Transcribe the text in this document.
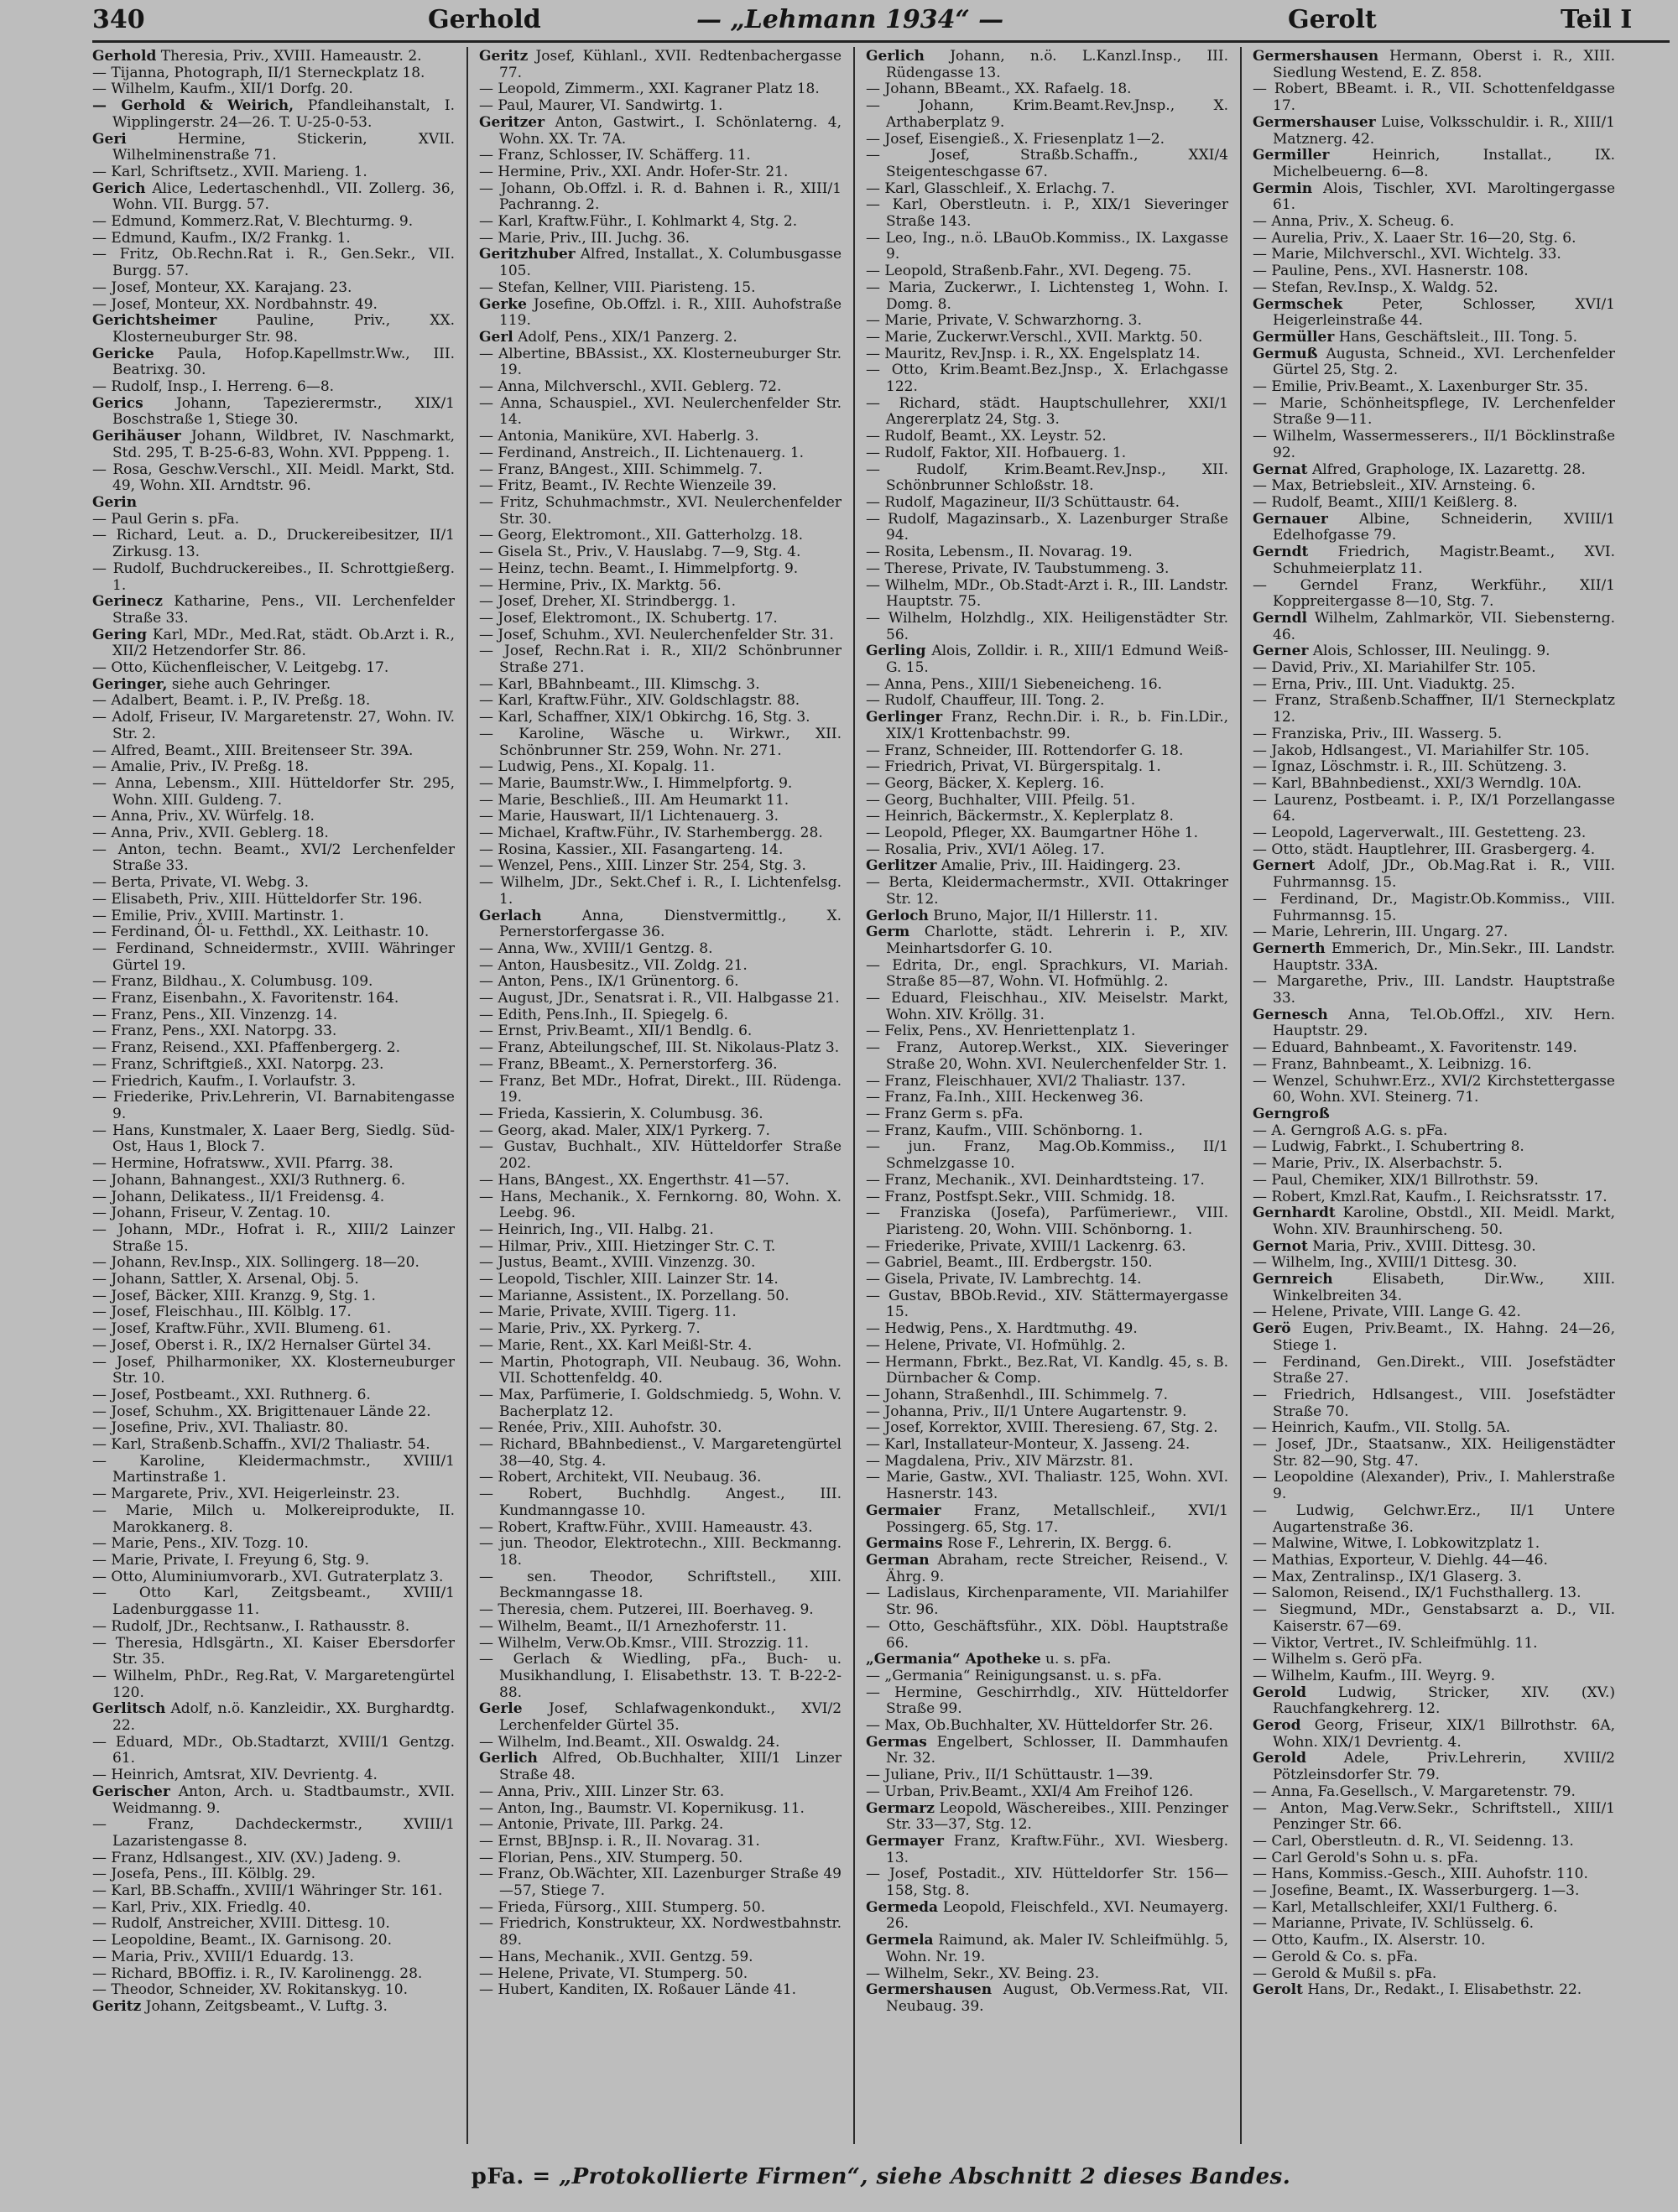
340	Gerhold	— „Lehmann 1934“ —	Gerolt	Teil I
Gerhold Theresia, Priv., XVIII. Hameaustr. 2.
— Tijanna, Photograph, II/1 Sterneckplatz 18.
— Wilhelm, Kaufm., XII/1 Dorfg. 20.
— Gerhold & Weirich, Pfandleihanstalt, I. Wipplingerstr. 24—26. T. U-25-0-53.
Geri	Hermine, Stickerin, XVII. Wilhelminenstraße 71.
— Karl, Schriftsetz., XVII. Marieng. 1.
Gerich Alice, Ledertaschenhdl., VII. Zollerg. 36, Wohn. VII. Burgg. 57.
— Edmund, Kommerz.Rat, V. Blechturmg. 9.
— Edmund, Kaufm., IX/2 Frankg. 1.
— Fritz, Ob.Rechn.Rat i. R., Gen.Sekr., VII. Burgg. 57.
— Josef, Monteur, XX. Karajang. 23.
— Josef, Monteur, XX. Nordbahnstr. 49.
Gerichtsheimer	Pauline, Priv., XX. Klosterneuburger Str. 98.
Gericke Paula, Hofop.Kapellmstr.Ww., III. Beatrixg. 30.
— Rudolf, Insp., I. Herreng. 6—8.
Gerics Johann, Tapezierermstr., XIX/1 Boschstraße 1, Stiege 30.
Gerihäuser Johann, Wildbret, IV. Naschmarkt, Std. 295, T. B-25-6-83, Wohn. XVI. Ppppeng. 1.
— Rosa, Geschw.Verschl., XII. Meidl. Markt, Std. 49, Wohn. XII. Arndtstr. 96.
Gerin
— Paul Gerin s. pFa.
— Richard, Leut. a. D., Druckereibesitzer, II/1 Zirkusg. 13.
— Rudolf, Buchdruckereibes., II. Schrottgießerg. 1.
Gerinecz Katharine, Pens., VII. Lerchenfelder Straße 33.
Gering Karl, MDr., Med.Rat, städt. Ob.Arzt i. R., XII/2 Hetzendorfer Str. 86.
— Otto, Küchenfleischer, V. Leitgebg. 17.
Geringer, siehe auch Gehringer.
— Adalbert, Beamt. i. P., IV. Preßg. 18.
— Adolf, Friseur, IV. Margaretenstr. 27, Wohn. IV. Str. 2.
— Alfred, Beamt., XIII. Breitenseer Str. 39A.
— Amalie, Priv., IV. Preßg. 18.
— Anna, Lebensm., XIII. Hütteldorfer Str. 295, Wohn. XIII. Guldeng. 7.
— Anna, Priv., XV. Würfelg. 18.
— Anna, Priv., XVII. Geblerg. 18.
— Anton, techn. Beamt., XVI/2 Lerchenfelder Straße 33.
— Berta, Private, VI. Webg. 3.
— Elisabeth, Priv., XIII. Hütteldorfer Str. 196.
— Emilie, Priv., XVIII. Martinstr. 1.
— Ferdinand, Öl- u. Fetthdl., XX. Leithastr. 10.
— Ferdinand, Schneidermstr., XVIII. Währinger Gürtel 19.
— Franz, Bildhau., X. Columbusg. 109.
— Franz, Eisenbahn., X. Favoritenstr. 164.
— Franz, Pens., XII. Vinzenzg. 14.
— Franz, Pens., XXI. Natorpg. 33.
— Franz, Reisend., XXI. Pfaffenbergerg. 2.
— Franz, Schriftgieß., XXI. Natorpg. 23.
— Friedrich, Kaufm., I. Vorlaufstr. 3.
— Friederike, Priv.Lehrerin, VI. Barnabitengasse 9.
— Hans, Kunstmaler, X. Laaer Berg, Siedlg. Süd-Ost, Haus 1, Block 7.
— Hermine, Hofratsww., XVII. Pfarrg. 38.
— Johann, Bahnangest., XXI/3 Ruthnerg. 6.
— Johann, Delikatess., II/1 Freidensg. 4.
— Johann, Friseur, V. Zentag. 10.
— Johann, MDr., Hofrat i. R., XIII/2 Lainzer Straße 15.
— Johann, Rev.Insp., XIX. Sollingerg. 18—20.
— Johann, Sattler, X. Arsenal, Obj. 5.
— Josef, Bäcker, XIII. Kranzg. 9, Stg. 1.
— Josef, Fleischhau., III. Kölblg. 17.
— Josef, Kraftw.Führ., XVII. Blumeng. 61.
— Josef, Oberst i. R., IX/2 Hernalser Gürtel 34.
— Josef, Philharmoniker, XX. Klosterneuburger Str. 10.
— Josef, Postbeamt., XXI. Ruthnerg. 6.
— Josef, Schuhm., XX. Brigittenauer Lände 22.
— Josefine, Priv., XVI. Thaliastr. 80.
— Karl, Straßenb.Schaffn., XVI/2 Thaliastr. 54.
— Karoline, Kleidermachmstr., XVIII/1 Martinstraße 1.
— Margarete, Priv., XVI. Heigerleinstr. 23.
— Marie, Milch u. Molkereiprodukte, II. Marokkanerg. 8.
— Marie, Pens., XIV. Tozg. 10.
— Marie, Private, I. Freyung 6, Stg. 9.
— Otto, Aluminiumvorarb., XVI. Gutraterplatz 3.
— Otto Karl, Zeitgsbeamt., XVIII/1 Ladenburggasse 11.
— Rudolf, JDr., Rechtsanw., I. Rathausstr. 8.
— Theresia, Hdlsgärtn., XI. Kaiser Ebersdorfer Str. 35.
— Wilhelm, PhDr., Reg.Rat, V. Margaretengürtel 120.
Gerlitsch Adolf, n.ö. Kanzleidir., XX. Burghardtg. 22.
— Eduard, MDr., Ob.Stadtarzt, XVIII/1 Gentzg. 61.
— Heinrich, Amtsrat, XIV. Devrientg. 4.
Gerischer Anton, Arch. u. Stadtbaumstr., XVII. Weidmanng. 9.
— Franz, Dachdeckermstr., XVIII/1 Lazaristengasse 8.
— Franz, Hdlsangest., XIV. (XV.) Jadeng. 9.
— Josefa, Pens., III. Kölblg. 29.
— Karl, BB.Schaffn., XVIII/1 Währinger Str. 161.
— Karl, Priv., XIX. Friedlg. 40.
— Rudolf, Anstreicher, XVIII. Dittesg. 10.
— Leopoldine, Beamt., IX. Garnisong. 20.
— Maria, Priv., XVIII/1 Eduardg. 13.
— Richard, BBOffiz. i. R., IV. Karolinengg. 28.
— Theodor, Schneider, XV. Rokitanskyg. 10.
Geritz Johann, Zeitgsbeamt., V. Luftg. 3.
Geritz Josef, Kühlanl., XVII. Redtenbachergasse 77.
— Leopold, Zimmerm., XXI. Kagraner Platz 18.
— Paul, Maurer, VI. Sandwirtg. 1.
Geritzer Anton, Gastwirt., I. Schönlaterng. 4, Wohn. XX. Tr. 7A.
— Franz, Schlosser, IV. Schäfferg. 11.
— Hermine, Priv., XXI. Andr. Hofer-Str. 21.
— Johann, Ob.Offzl. i. R. d. Bahnen i. R., XIII/1 Pachranng. 2.
— Karl, Kraftw.Führ., I. Kohlmarkt 4, Stg. 2.
— Marie, Priv., III. Juchg. 36.
Geritzhuber Alfred, Installat., X. Columbusgasse 105.
— Stefan, Kellner, VIII. Piaristeng. 15.
Gerke Josefine, Ob.Offzl. i. R., XIII. Auhofstraße 119.
Gerl Adolf, Pens., XIX/1 Panzerg. 2.
— Albertine, BBAssist., XX. Klosterneuburger Str. 19.
— Anna, Milchverschl., XVII. Geblerg. 72.
— Anna, Schauspiel., XVI. Neulerchenfelder Str. 14.
— Antonia, Maniküre, XVI. Haberlg. 3.
— Ferdinand, Anstreich., II. Lichtenauerg. 1.
— Franz, BAngest., XIII. Schimmelg. 7.
— Fritz, Beamt., IV. Rechte Wienzeile 39.
— Fritz, Schuhmachmstr., XVI. Neulerchenfelder Str. 30.
— Georg, Elektromont., XII. Gatterholzg. 18.
— Gisela St., Priv., V. Hauslabg. 7—9, Stg. 4.
— Heinz, techn. Beamt., I. Himmelpfortg. 9.
— Hermine, Priv., IX. Marktg. 56.
— Josef, Dreher, XI. Strindbergg. 1.
— Josef, Elektromont., IX. Schubertg. 17.
— Josef, Schuhm., XVI. Neulerchenfelder Str. 31.
— Josef, Rechn.Rat i. R., XII/2 Schönbrunner Straße 271.
— Karl, BBahnbeamt., III. Klimschg. 3.
— Karl, Kraftw.Führ., XIV. Goldschlagstr. 88.
— Karl, Schaffner, XIX/1 Obkirchg. 16, Stg. 3.
— Karoline, Wäsche u. Wirkwr., XII. Schönbrunner Str. 259, Wohn. Nr. 271.
— Ludwig, Pens., XI. Kopalg. 11.
— Marie, Baumstr.Ww., I. Himmelpfortg. 9.
— Marie, Beschließ., III. Am Heumarkt 11.
— Marie, Hauswart, II/1 Lichtenauerg. 3.
— Michael, Kraftw.Führ., IV. Starhembergg. 28.
— Rosina, Kassier., XII. Fasangarteng. 14.
— Wenzel, Pens., XIII. Linzer Str. 254, Stg. 3.
— Wilhelm, JDr., Sekt.Chef i. R., I. Lichtenfelsg. 1.
Gerlach	Anna, Dienstvermittlg., X. Pernerstorfergasse 36.
— Anna, Ww., XVIII/1 Gentzg. 8.
— Anton, Hausbesitz., VII. Zoldg. 21.
— Anton, Pens., IX/1 Grünentorg. 6.
— August, JDr., Senatsrat i. R., VII. Halbgasse 21.
— Edith, Pens.Inh., II. Spiegelg. 6.
— Ernst, Priv.Beamt., XII/1 Bendlg. 6.
— Franz, Abteilungschef, III. St. Nikolaus-Platz 3.
— Franz, BBeamt., X. Pernerstorferg. 36.
— Franz, Bet MDr., Hofrat, Direkt., III. Rüdenga. 19.
— Frieda, Kassierin, X. Columbusg. 36.
— Georg, akad. Maler, XIX/1 Pyrkerg. 7.
— Gustav, Buchhalt., XIV. Hütteldorfer Straße 202.
— Hans, BAngest., XX. Engerthstr. 41—57.
— Hans, Mechanik., X. Fernkorng. 80, Wohn. X. Leebg. 96.
— Heinrich, Ing., VII. Halbg. 21.
— Hilmar, Priv., XIII. Hietzinger Str. C. T.
— Justus, Beamt., XVIII. Vinzenzg. 30.
— Leopold, Tischler, XIII. Lainzer Str. 14.
— Marianne, Assistent., IX. Porzellang. 50.
— Marie, Private, XVIII. Tigerg. 11.
— Marie, Priv., XX. Pyrkerg. 7.
— Marie, Rent., XX. Karl Meißl-Str. 4.
— Martin, Photograph, VII. Neubaug. 36, Wohn. VII. Schottenfeldg. 40.
— Max, Parfümerie, I. Goldschmiedg. 5, Wohn. V. Bacherplatz 12.
— Renée, Priv., XIII. Auhofstr. 30.
— Richard, BBahnbedienst., V. Margaretengürtel 38—40, Stg. 4.
— Robert, Architekt, VII. Neubaug. 36.
— Robert, Buchhdlg. Angest., III. Kundmanngasse 10.
— Robert, Kraftw.Führ., XVIII. Hameaustr. 43.
— jun. Theodor, Elektrotechn., XIII. Beckmanng. 18.
— sen. Theodor, Schriftstell., XIII. Beckmanngasse 18.
— Theresia, chem. Putzerei, III. Boerhaveg. 9.
— Wilhelm, Beamt., II/1 Arnezhoferstr. 11.
— Wilhelm, Verw.Ob.Kmsr., VIII. Strozzig. 11.
— Gerlach & Wiedling, pFa., Buch- u. Musikhandlung, I. Elisabethstr. 13. T. B-22-2-88.
Gerle Josef, Schlafwagenkondukt., XVI/2 Lerchenfelder Gürtel 35.
— Wilhelm, Ind.Beamt., XII. Oswaldg. 24.
Gerlich Alfred, Ob.Buchhalter, XIII/1 Linzer Straße 48.
— Anna, Priv., XIII. Linzer Str. 63.
— Anton, Ing., Baumstr. VI. Kopernikusg. 11.
— Antonie, Private, III. Parkg. 24.
— Ernst, BBJnsp. i. R., II. Novarag. 31.
— Florian, Pens., XIV. Stumperg. 50.
— Franz, Ob.Wächter, XII. Lazenburger Straße 49—57, Stiege 7.
— Frieda, Fürsorg., XIII. Stumperg. 50.
— Friedrich, Konstrukteur, XX. Nordwestbahnstr. 89.
— Hans, Mechanik., XVII. Gentzg. 59.
— Helene, Private, VI. Stumperg. 50.
— Hubert, Kanditen, IX. Roßauer Lände 41.
Gerlich Johann, n.ö. L.Kanzl.Insp., III. Rüdengasse 13.
— Johann, BBeamt., XX. Rafaelg. 18.
— Johann, Krim.Beamt.Rev.Jnsp., X. Arthaberplatz 9.
— Josef, Eisengieß., X. Friesenplatz 1—2.
— Josef, Straßb.Schaffn., XXI/4 Steigenteschgasse 67.
— Karl, Glasschleif., X. Erlachg. 7.
— Karl, Oberstleutn. i. P., XIX/1 Sieveringer Straße 143.
— Leo, Ing., n.ö. LBauOb.Kommiss., IX. Laxgasse 9.
— Leopold, Straßenb.Fahr., XVI. Degeng. 75.
— Maria, Zuckerwr., I. Lichtensteg 1, Wohn. I. Domg. 8.
— Marie, Private, V. Schwarzhorng. 3.
— Marie, Zuckerwr.Verschl., XVII. Marktg. 50.
— Mauritz, Rev.Jnsp. i. R., XX. Engelsplatz 14.
— Otto, Krim.Beamt.Bez.Jnsp., X. Erlachgasse 122.
— Richard, städt. Hauptschullehrer, XXI/1 Angererplatz 24, Stg. 3.
— Rudolf, Beamt., XX. Leystr. 52.
— Rudolf, Faktor, XII. Hofbauerg. 1.
— Rudolf, Krim.Beamt.Rev.Jnsp., XII. Schönbrunner Schloßstr. 18.
— Rudolf, Magazineur, II/3 Schüttaustr. 64.
— Rudolf, Magazinsarb., X. Lazenburger Straße 94.
— Rosita, Lebensm., II. Novarag. 19.
— Therese, Private, IV. Taubstummeng. 3.
— Wilhelm, MDr., Ob.Stadt-Arzt i. R., III. Landstr. Hauptstr. 75.
— Wilhelm, Holzhdlg., XIX. Heiligenstädter Str. 56.
Gerling Alois, Zolldir. i. R., XIII/1 Edmund Weiß-G. 15.
— Anna, Pens., XIII/1 Siebeneicheng. 16.
— Rudolf, Chauffeur, III. Tong. 2.
Gerlinger Franz, Rechn.Dir. i. R., b. Fin.LDir., XIX/1 Krottenbachstr. 99.
— Franz, Schneider, III. Rottendorfer G. 18.
— Friedrich, Privat, VI. Bürgerspitalg. 1.
— Georg, Bäcker, X. Keplerg. 16.
— Georg, Buchhalter, VIII. Pfeilg. 51.
— Heinrich, Bäckermstr., X. Keplerplatz 8.
— Leopold, Pfleger, XX. Baumgartner Höhe 1.
— Rosalia, Priv., XVI/1 Aöleg. 17.
Gerlitzer Amalie, Priv., III. Haidingerg. 23.
— Berta, Kleidermachermstr., XVII. Ottakringer Str. 12.
Gerloch Bruno, Major, II/1 Hillerstr. 11.
Germ Charlotte, städt. Lehrerin i. P., XIV. Meinhartsdorfer G. 10.
— Edrita, Dr., engl. Sprachkurs, VI. Mariah. Straße 85—87, Wohn. VI. Hofmühlg. 2.
— Eduard, Fleischhau., XIV. Meiselstr. Markt, Wohn. XIV. Kröllg. 31.
— Felix, Pens., XV. Henriettenplatz 1.
— Franz, Autorep.Werkst., XIX. Sieveringer Straße 20, Wohn. XVI. Neulerchenfelder Str. 1.
— Franz, Fleischhauer, XVI/2 Thaliastr. 137.
— Franz, Fa.Inh., XIII. Heckenweg 36.
— Franz Germ s. pFa.
— Franz, Kaufm., VIII. Schönborng. 1.
— jun. Franz, Mag.Ob.Kommiss., II/1 Schmelzgasse 10.
— Franz, Mechanik., XVI. Deinhardtsteing. 17.
— Franz, Postfspt.Sekr., VIII. Schmidg. 18.
— Franziska (Josefa), Parfümeriewr., VIII. Piaristeng. 20, Wohn. VIII. Schönborng. 1.
— Friederike, Private, XVIII/1 Lackenrg. 63.
— Gabriel, Beamt., III. Erdbergstr. 150.
— Gisela, Private, IV. Lambrechtg. 14.
— Gustav, BBOb.Revid., XIV. Stättermayergasse 15.
— Hedwig, Pens., X. Hardtmuthg. 49.
— Helene, Private, VI. Hofmühlg. 2.
— Hermann, Fbrkt., Bez.Rat, VI. Kandlg. 45, s. B. Dürnbacher & Comp.
— Johann, Straßenhdl., III. Schimmelg. 7.
— Johanna, Priv., II/1 Untere Augartenstr. 9.
— Josef, Korrektor, XVIII. Theresieng. 67, Stg. 2.
— Karl, Installateur-Monteur, X. Jasseng. 24.
— Magdalena, Priv., XIV Märzstr. 81.
— Marie, Gastw., XVI. Thaliastr. 125, Wohn. XVI. Hasnerstr. 143.
Germaier Franz, Metallschleif., XVI/1 Possingerg. 65, Stg. 17.
Germains Rose F., Lehrerin, IX. Bergg. 6.
German Abraham, recte Streicher, Reisend., V. Ährg. 9.
— Ladislaus, Kirchenparamente, VII. Mariahilfer Str. 96.
— Otto, Geschäftsführ., XIX. Döbl. Hauptstraße 66.
„Germania“ Apotheke u. s. pFa.
— „Germania“ Reinigungsanst. u. s. pFa.
— Hermine, Geschirrhdlg., XIV. Hütteldorfer Straße 99.
— Max, Ob.Buchhalter, XV. Hütteldorfer Str. 26.
Germas Engelbert, Schlosser, II. Dammhaufen Nr. 32.
— Juliane, Priv., II/1 Schüttaustr. 1—39.
— Urban, Priv.Beamt., XXI/4 Am Freihof 126.
Germarz Leopold, Wäschereibes., XIII. Penzinger Str. 33—37, Stg. 12.
Germayer Franz, Kraftw.Führ., XVI. Wiesberg. 13.
— Josef, Postadit., XIV. Hütteldorfer Str. 156—158, Stg. 8.
Germeda Leopold, Fleischfeld., XVI. Neumayerg. 26.
Germela Raimund, ak. Maler IV. Schleifmühlg. 5, Wohn. Nr. 19.
— Wilhelm, Sekr., XV. Being. 23.
Germershausen August, Ob.Vermess.Rat, VII. Neubaug. 39.
Germershausen Hermann, Oberst i. R., XIII. Siedlung Westend, E. Z. 858.
— Robert, BBeamt. i. R., VII. Schottenfeldgasse 17.
Germershauser Luise, Volksschuldir. i. R., XIII/1 Matznerg. 42.
Germiller	Heinrich, Installat., IX. Michelbeuerng. 6—8.
Germin Alois, Tischler, XVI. Maroltingergasse 61.
— Anna, Priv., X. Scheug. 6.
— Aurelia, Priv., X. Laaer Str. 16—20, Stg. 6.
— Marie, Milchverschl., XVI. Wichtelg. 33.
— Pauline, Pens., XVI. Hasnerstr. 108.
— Stefan, Rev.Insp., X. Waldg. 52.
Germschek	Peter, Schlosser, XVI/1 Heigerleinstraße 44.
Germüller Hans, Geschäftsleit., III. Tong. 5.
Germuß Augusta, Schneid., XVI. Lerchenfelder Gürtel 25, Stg. 2.
— Emilie, Priv.Beamt., X. Laxenburger Str. 35.
— Marie, Schönheitspflege, IV. Lerchenfelder Straße 9—11.
— Wilhelm, Wassermesserers., II/1 Böcklinstraße 92.
Gernat Alfred, Graphologe, IX. Lazarettg. 28.
— Max, Betriebsleit., XIV. Arnsteing. 6.
— Rudolf, Beamt., XIII/1 Keißlerg. 8.
Gernauer Albine, Schneiderin, XVIII/1 Edelhofgasse 79.
Gerndt Friedrich, Magistr.Beamt., XVI. Schuhmeierplatz 11.
— Gerndel Franz, Werkführ., XII/1 Koppreitergasse 8—10, Stg. 7.
Gerndl Wilhelm, Zahlmarkör, VII. Siebensterng. 46.
Gerner Alois, Schlosser, III. Neulingg. 9.
— David, Priv., XI. Mariahilfer Str. 105.
— Erna, Priv., III. Unt. Viaduktg. 25.
— Franz, Straßenb.Schaffner, II/1 Sterneckplatz 12.
— Franziska, Priv., III. Wasserg. 5.
— Jakob, Hdlsangest., VI. Mariahilfer Str. 105.
— Ignaz, Löschmstr. i. R., III. Schützeng. 3.
— Karl, BBahnbedienst., XXI/3 Werndlg. 10A.
— Laurenz, Postbeamt. i. P., IX/1 Porzellangasse 64.
— Leopold, Lagerverwalt., III. Gestetteng. 23.
— Otto, städt. Hauptlehrer, III. Grasbergerg. 4.
Gernert Adolf, JDr., Ob.Mag.Rat i. R., VIII. Fuhrmannsg. 15.
— Ferdinand, Dr., Magistr.Ob.Kommiss., VIII. Fuhrmannsg. 15.
— Marie, Lehrerin, III. Ungarg. 27.
Gernerth Emmerich, Dr., Min.Sekr., III. Landstr. Hauptstr. 33A.
— Margarethe, Priv., III. Landstr. Hauptstraße 33.
Gernesch Anna, Tel.Ob.Offzl., XIV. Hern. Hauptstr. 29.
— Eduard, Bahnbeamt., X. Favoritenstr. 149.
— Franz, Bahnbeamt., X. Leibnizg. 16.
— Wenzel, Schuhwr.Erz., XVI/2 Kirchstettergasse 60, Wohn. XVI. Steinerg. 71.
Gerngroß
— A. Gerngroß A.G. s. pFa.
— Ludwig, Fabrkt., I. Schubertring 8.
— Marie, Priv., IX. Alserbachstr. 5.
— Paul, Chemiker, XIX/1 Billrothstr. 59.
— Robert, Kmzl.Rat, Kaufm., I. Reichsratsstr. 17.
Gernhardt Karoline, Obstdl., XII. Meidl. Markt, Wohn. XIV. Braunhirscheng. 50.
Gernot Maria, Priv., XVIII. Dittesg. 30.
— Wilhelm, Ing., XVIII/1 Dittesg. 30.
Gernreich	Elisabeth, Dir.Ww., XIII. Winkelbreiten 34.
— Helene, Private, VIII. Lange G. 42.
Gerö Eugen, Priv.Beamt., IX. Hahng. 24—26, Stiege 1.
— Ferdinand, Gen.Direkt., VIII. Josefstädter Straße 27.
— Friedrich, Hdlsangest., VIII. Josefstädter Straße 70.
— Heinrich, Kaufm., VII. Stollg. 5A.
— Josef, JDr., Staatsanw., XIX. Heiligenstädter Str. 82—90, Stg. 47.
— Leopoldine (Alexander), Priv., I. Mahlerstraße 9.
— Ludwig, Gelchwr.Erz., II/1 Untere Augartenstraße 36.
— Malwine, Witwe, I. Lobkowitzplatz 1.
— Mathias, Exporteur, V. Diehlg. 44—46.
— Max, Zentralinsp., IX/1 Glaserg. 3.
— Salomon, Reisend., IX/1 Fuchsthallerg. 13.
— Siegmund, MDr., Genstabsarzt a. D., VII. Kaiserstr. 67—69.
— Viktor, Vertret., IV. Schleifmühlg. 11.
— Wilhelm s. Gerö pFa.
— Wilhelm, Kaufm., III. Weyrg. 9.
Gerold Ludwig, Stricker, XIV. (XV.) Rauchfangkehrerg. 12.
Gerod Georg, Friseur, XIX/1 Billrothstr. 6A, Wohn. XIX/1 Devrientg. 4.
Gerold	Adele, Priv.Lehrerin, XVIII/2 Pötzleinsdorfer Str. 79.
— Anna, Fa.Gesellsch., V. Margaretenstr. 79.
— Anton, Mag.Verw.Sekr., Schriftstell., XIII/1 Penzinger Str. 66.
— Carl, Oberstleutn. d. R., VI. Seidenng. 13.
— Carl Gerold's Sohn u. s. pFa.
— Hans, Kommiss.-Gesch., XIII. Auhofstr. 110.
— Josefine, Beamt., IX. Wasserburgerg. 1—3.
— Karl, Metallschleifer, XXI/1 Fultherg. 6.
— Marianne, Private, IV. Schlüsselg. 6.
— Otto, Kaufm., IX. Alserstr. 10.
— Gerold & Co. s. pFa.
— Gerold & Mußil s. pFa.
Gerolt Hans, Dr., Redakt., I. Elisabethstr. 22.
pFa. = „Protokollierte Firmen“, siehe Abschnitt 2 dieses Bandes.
